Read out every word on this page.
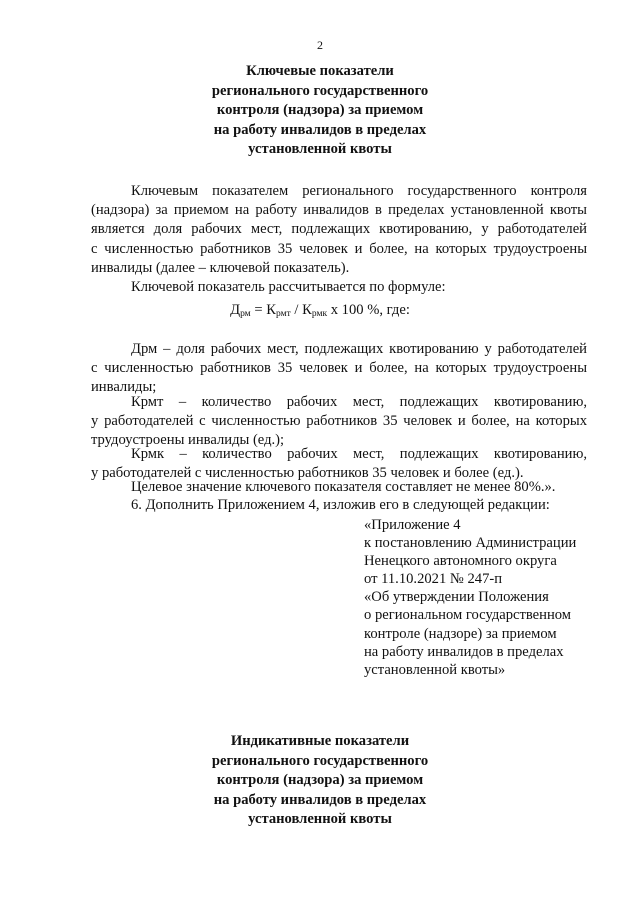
2
Ключевые показатели
регионального государственного
контроля (надзора) за приемом
на работу инвалидов в пределах
установленной квоты
Ключевым показателем регионального государственного контроля
(надзора) за приемом на работу инвалидов в пределах установленной квоты
является доля рабочих мест, подлежащих квотированию, у работодателей
с численностью работников 35 человек и более, на которых трудоустроены
инвалиды (далее – ключевой показатель).
Ключевой показатель рассчитывается по формуле:
$Д_{рм} = К_{рмт} / К_{рмк}$ х 100 %, где:
Дрм – доля рабочих мест, подлежащих квотированию у работодателей
с численностью работников 35 человек и более, на которых трудоустроены
инвалиды;
Крмт – количество рабочих мест, подлежащих квотированию,
у работодателей с численностью работников 35 человек и более, на которых
трудоустроены инвалиды (ед.);
Крмк – количество рабочих мест, подлежащих квотированию,
у работодателей с численностью работников 35 человек и более (ед.).
Целевое значение ключевого показателя составляет не менее 80%.».
6. Дополнить Приложением 4, изложив его в следующей редакции:
«Приложение 4
к постановлению Администрации
Ненецкого автономного округа
от 11.10.2021 № 247-п
«Об утверждении Положения
о региональном государственном
контроле (надзоре) за приемом
на работу инвалидов в пределах
установленной квоты»
Индикативные показатели
регионального государственного
контроля (надзора) за приемом
на работу инвалидов в пределах
установленной квоты
